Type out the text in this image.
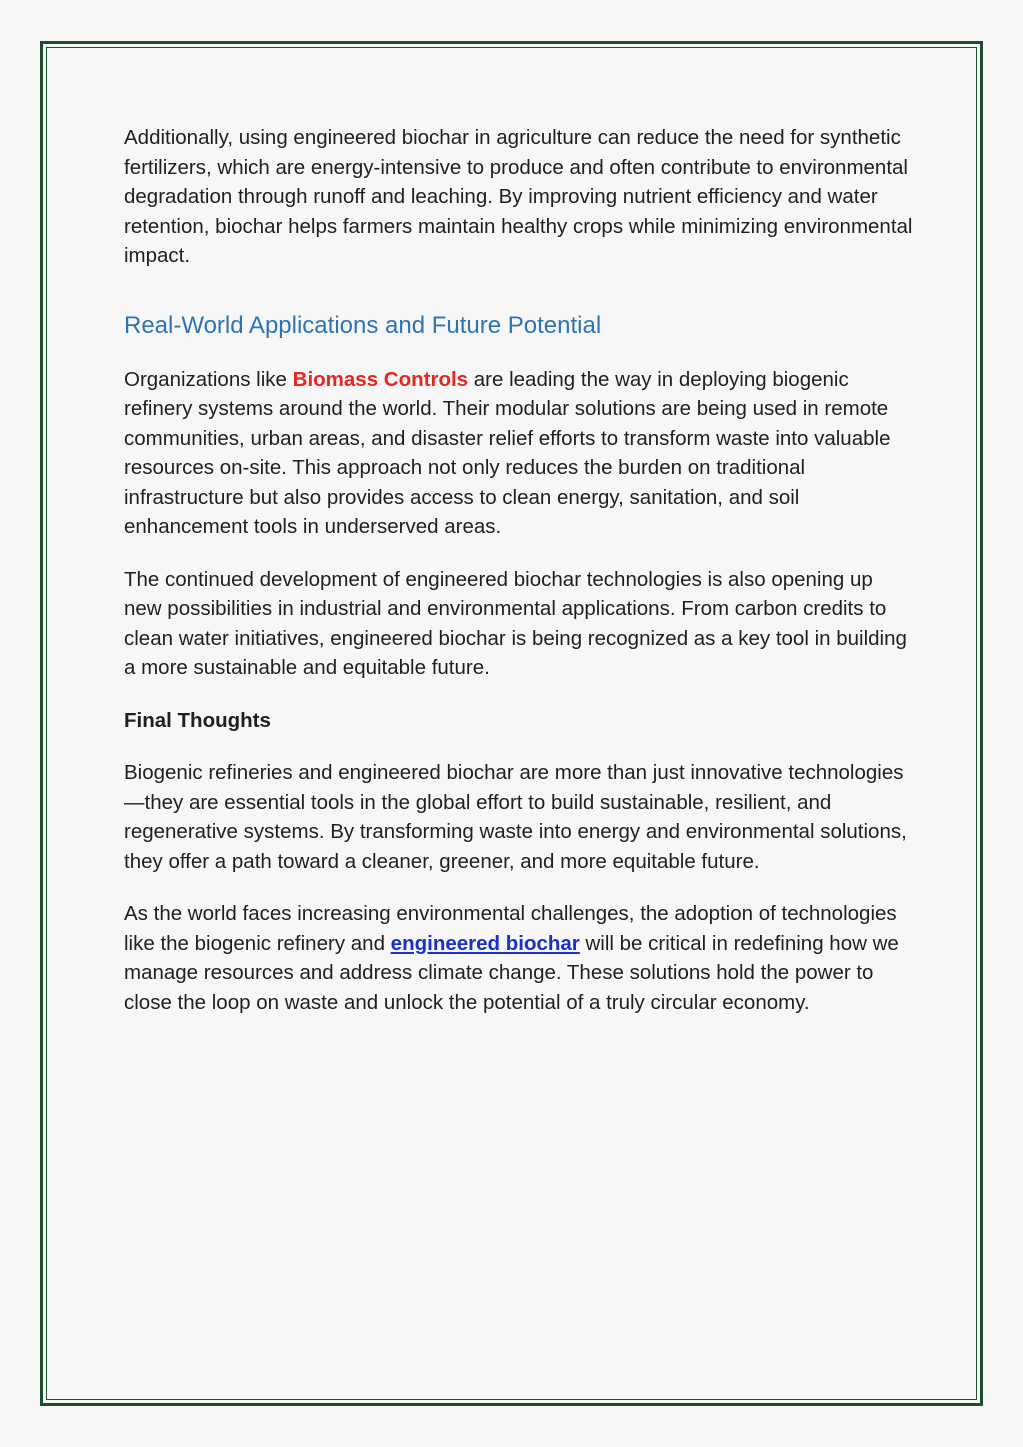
Additionally, using engineered biochar in agriculture can reduce the need for synthetic fertilizers, which are energy-intensive to produce and often contribute to environmental degradation through runoff and leaching. By improving nutrient efficiency and water retention, biochar helps farmers maintain healthy crops while minimizing environmental impact.

Real-World Applications and Future Potential

Organizations like Biomass Controls are leading the way in deploying biogenic refinery systems around the world. Their modular solutions are being used in remote communities, urban areas, and disaster relief efforts to transform waste into valuable resources on-site. This approach not only reduces the burden on traditional infrastructure but also provides access to clean energy, sanitation, and soil enhancement tools in underserved areas.

The continued development of engineered biochar technologies is also opening up new possibilities in industrial and environmental applications. From carbon credits to clean water initiatives, engineered biochar is being recognized as a key tool in building a more sustainable and equitable future.

Final Thoughts

Biogenic refineries and engineered biochar are more than just innovative technologies—they are essential tools in the global effort to build sustainable, resilient, and regenerative systems. By transforming waste into energy and environmental solutions, they offer a path toward a cleaner, greener, and more equitable future.

As the world faces increasing environmental challenges, the adoption of technologies like the biogenic refinery and engineered biochar will be critical in redefining how we manage resources and address climate change. These solutions hold the power to close the loop on waste and unlock the potential of a truly circular economy.
